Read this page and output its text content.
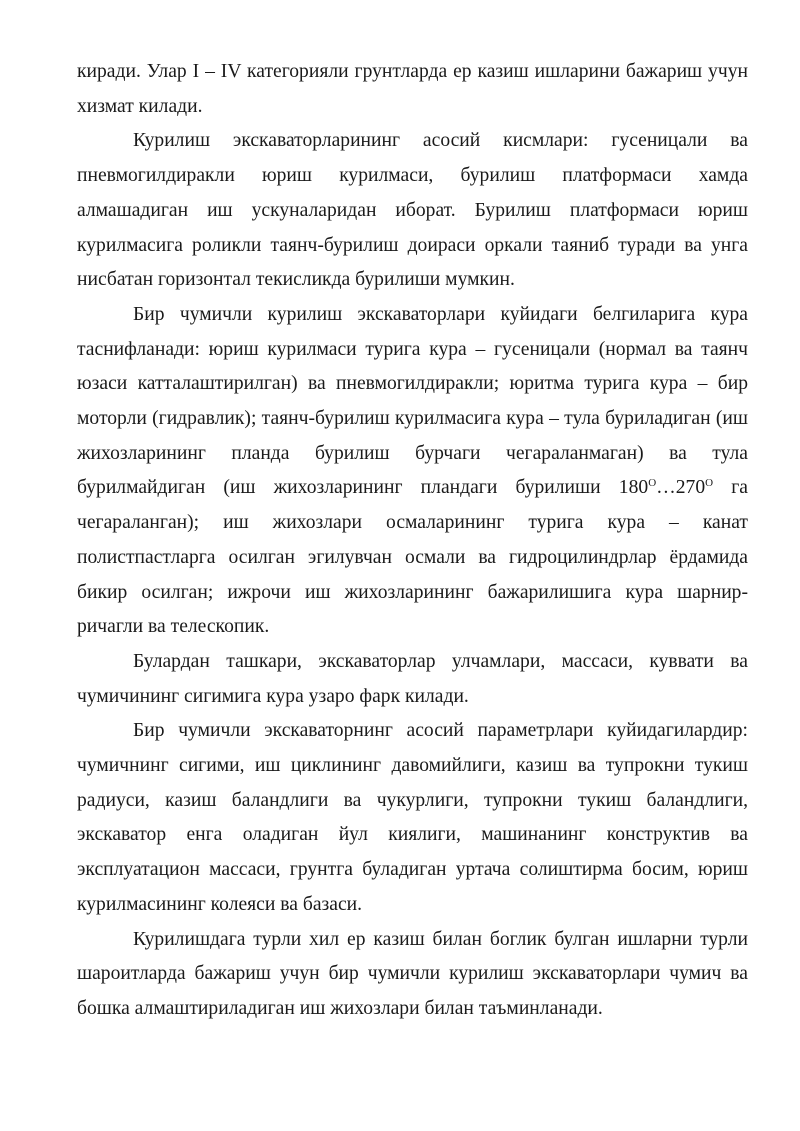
киради. Улар I – IV категорияли грунтларда ер казиш ишларини бажариш учун хизмат килади.

Курилиш экскаваторларининг асосий кисмлари: гусеницали ва пневмогилдиракли юриш курилмаси, бурилиш платформаси хамда алмашадиган иш ускуналаридан иборат. Бурилиш платформаси юриш курилмасига роликли таянч-бурилиш доираси оркали таяниб туради ва унга нисбатан горизонтал текисликда бурилиши мумкин.

Бир чумичли курилиш экскаваторлари куйидаги белгиларига кура таснифланади: юриш курилмаси турига кура – гусеницали (нормал ва таянч юзаси катталаштирилган) ва пневмогилдиракли; юритма турига кура – бир моторли (гидравлик); таянч-бурилиш курилмасига кура – тула буриладиган (иш жихозларининг планда бурилиш бурчаги чегараланмаган) ва тула бурилмайдиган (иш жихозларининг пландаги бурилиши $180^О\dots 270^О$ га чегараланган); иш жихозлари осмаларининг турига кура – канат полистпастларга осилган эгилувчан осмали ва гидроцилиндрлар ёрдамида бикир осилган; ижрочи иш жихозларининг бажарилишига кура шарнир-ричагли ва телескопик.

Булардан ташкари, экскаваторлар улчамлари, массаси, куввати ва чумичининг сигимига кура узаро фарк килади.

Бир чумичли экскаваторнинг асосий параметрлари куйидагилардир: чумичнинг сигими, иш циклининг давомийлиги, казиш ва тупрокни тукиш радиуси, казиш баландлиги ва чукурлиги, тупрокни тукиш баландлиги, экскаватор енга оладиган йул киялиги, машинанинг конструктив ва эксплуатацион массаси, грунтга буладиган уртача солиштирма босим, юриш курилмасининг колеяси ва базаси.

Курилишдага турли хил ер казиш билан боглик булган ишларни турли шароитларда бажариш учун бир чумичли курилиш экскаваторлари чумич ва бошка алмаштириладиган иш жихозлари билан таъминланади.
